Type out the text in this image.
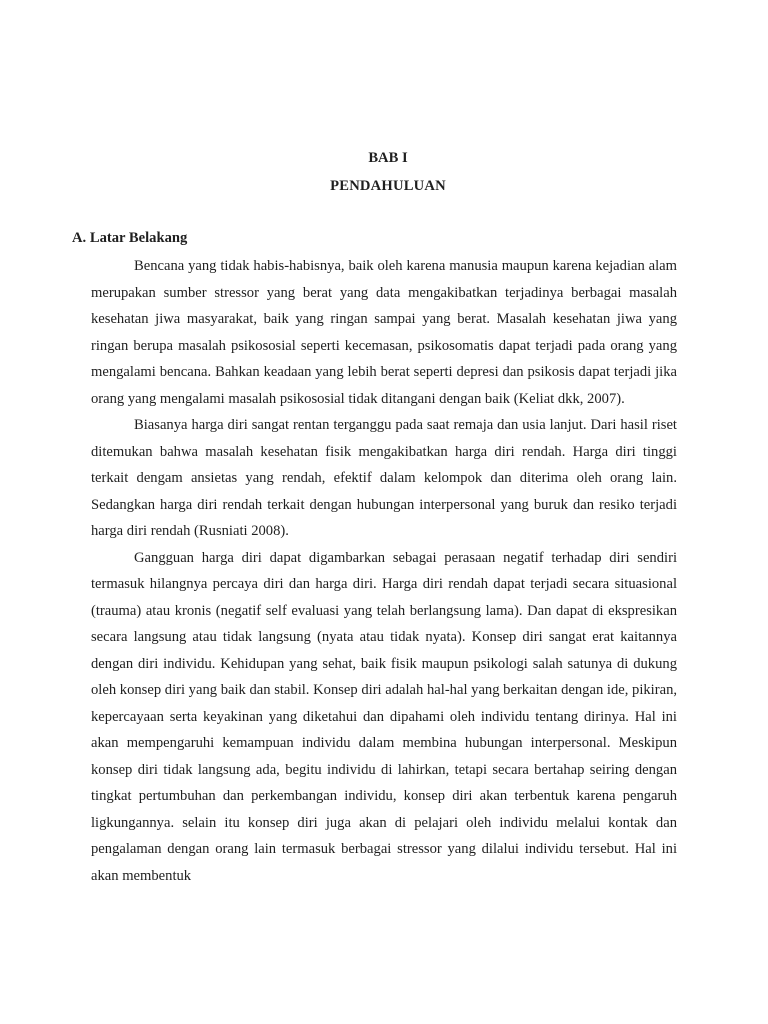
BAB I
PENDAHULUAN
A. Latar Belakang

Bencana yang tidak habis-habisnya, baik oleh karena manusia maupun karena kejadian alam merupakan sumber stressor yang berat yang data mengakibatkan terjadinya berbagai masalah kesehatan jiwa masyarakat, baik yang ringan sampai yang berat. Masalah kesehatan jiwa yang ringan berupa masalah psikososial seperti kecemasan, psikosomatis dapat terjadi pada orang yang mengalami bencana. Bahkan keadaan yang lebih berat seperti depresi dan psikosis dapat terjadi jika orang yang mengalami masalah psikososial tidak ditangani dengan baik (Keliat dkk, 2007).

Biasanya harga diri sangat rentan terganggu pada saat remaja dan usia lanjut. Dari hasil riset ditemukan bahwa masalah kesehatan fisik mengakibatkan harga diri rendah. Harga diri tinggi terkait dengam ansietas yang rendah, efektif dalam kelompok dan diterima oleh orang lain. Sedangkan harga diri rendah terkait dengan hubungan interpersonal yang buruk dan resiko terjadi harga diri rendah (Rusniati 2008).

Gangguan harga diri dapat digambarkan sebagai perasaan negatif terhadap diri sendiri termasuk hilangnya percaya diri dan harga diri. Harga diri rendah dapat terjadi secara situasional (trauma) atau kronis (negatif self evaluasi yang telah berlangsung lama). Dan dapat di ekspresikan secara langsung atau tidak langsung (nyata atau tidak nyata). Konsep diri sangat erat kaitannya dengan diri individu. Kehidupan yang sehat, baik fisik maupun psikologi salah satunya di dukung oleh konsep diri yang baik dan stabil. Konsep diri adalah hal-hal yang berkaitan dengan ide, pikiran, kepercayaan serta keyakinan yang diketahui dan dipahami oleh individu tentang dirinya. Hal ini akan mempengaruhi kemampuan individu dalam membina hubungan interpersonal. Meskipun konsep diri tidak langsung ada, begitu individu di lahirkan, tetapi secara bertahap seiring dengan tingkat pertumbuhan dan perkembangan individu, konsep diri akan terbentuk karena pengaruh ligkungannya. selain itu konsep diri juga akan di pelajari oleh individu melalui kontak dan pengalaman dengan orang lain termasuk berbagai stressor yang dilalui individu tersebut. Hal ini akan membentuk
